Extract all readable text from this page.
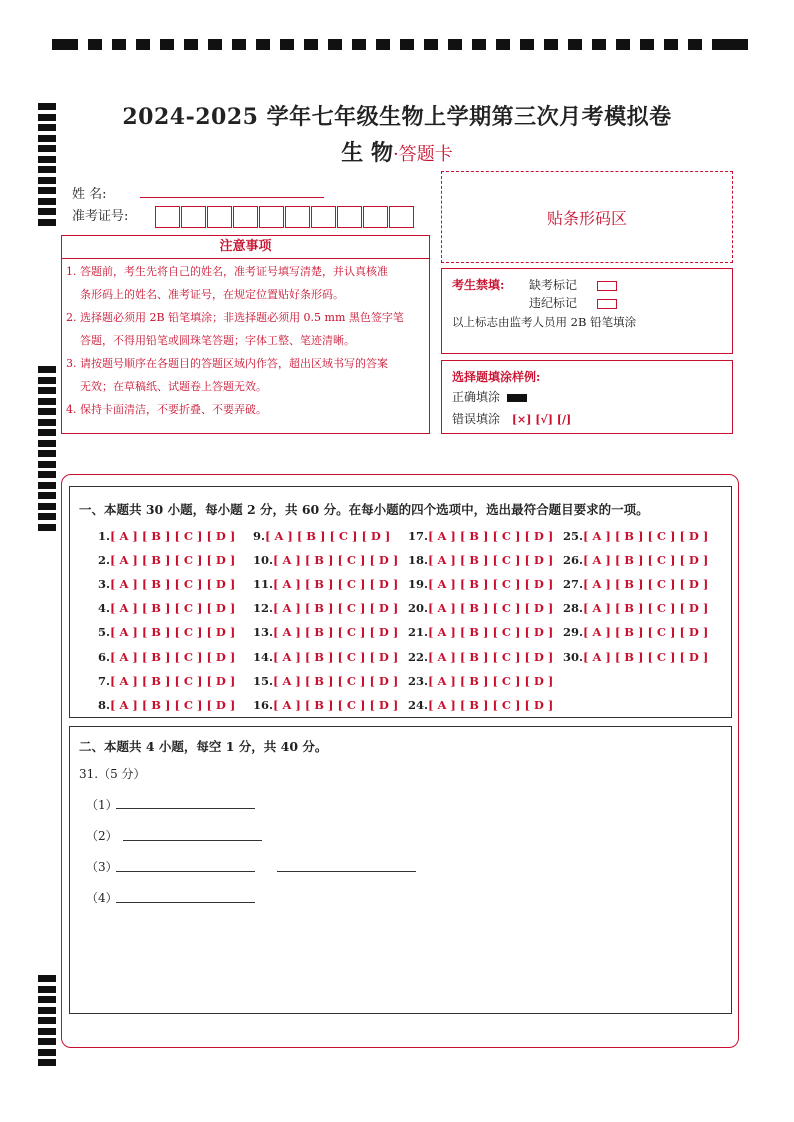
2024-2025 学年七年级生物上学期第三次月考模拟卷
生 物·答题卡
姓 名:
准考证号:	贴条形码区
注意事项
1. 答题前，考生先将自己的姓名，准考证号填写清楚，并认真核准
条形码上的姓名、准考证号，在规定位置贴好条形码。
2. 选择题必须用 2B 铅笔填涂；非选择题必须用 0.5 mm 黑色签字笔
答题，不得用铅笔或圆珠笔答题；字体工整、笔迹清晰。
3. 请按题号顺序在各题目的答题区域内作答，超出区域书写的答案
无效；在草稿纸、试题卷上答题无效。
4. 保持卡面清洁，不要折叠、不要弄破。
考生禁填: 缺考标记
违纪标记
以上标志由监考人员用 2B 铅笔填涂
选择题填涂样例:
正确填涂
错误填涂 [×] [√] [/]
一、本题共 30 小题，每小题 2 分，共 60 分。在每小题的四个选项中，选出最符合题目要求的一项。
1.[ A ] [ B ] [ C ] [ D ]
2.[ A ] [ B ] [ C ] [ D ]
3.[ A ] [ B ] [ C ] [ D ]
4.[ A ] [ B ] [ C ] [ D ]
5.[ A ] [ B ] [ C ] [ D ]
6.[ A ] [ B ] [ C ] [ D ]
7.[ A ] [ B ] [ C ] [ D ]
8.[ A ] [ B ] [ C ] [ D ]
9.[ A ] [ B ] [ C ] [ D ]
10.[ A ] [ B ] [ C ] [ D ]
11.[ A ] [ B ] [ C ] [ D ]
12.[ A ] [ B ] [ C ] [ D ]
13.[ A ] [ B ] [ C ] [ D ]
14.[ A ] [ B ] [ C ] [ D ]
15.[ A ] [ B ] [ C ] [ D ]
16.[ A ] [ B ] [ C ] [ D ]
17.[ A ] [ B ] [ C ] [ D ]
18.[ A ] [ B ] [ C ] [ D ]
19.[ A ] [ B ] [ C ] [ D ]
20.[ A ] [ B ] [ C ] [ D ]
21.[ A ] [ B ] [ C ] [ D ]
22.[ A ] [ B ] [ C ] [ D ]
23.[ A ] [ B ] [ C ] [ D ]
24.[ A ] [ B ] [ C ] [ D ]
25.[ A ] [ B ] [ C ] [ D ]
26.[ A ] [ B ] [ C ] [ D ]
27.[ A ] [ B ] [ C ] [ D ]
28.[ A ] [ B ] [ C ] [ D ]
29.[ A ] [ B ] [ C ] [ D ]
30.[ A ] [ B ] [ C ] [ D ]
二、本题共 4 小题，每空 1 分，共 40 分。
31.（5 分）
（1）
（2）
（3）
（4）
